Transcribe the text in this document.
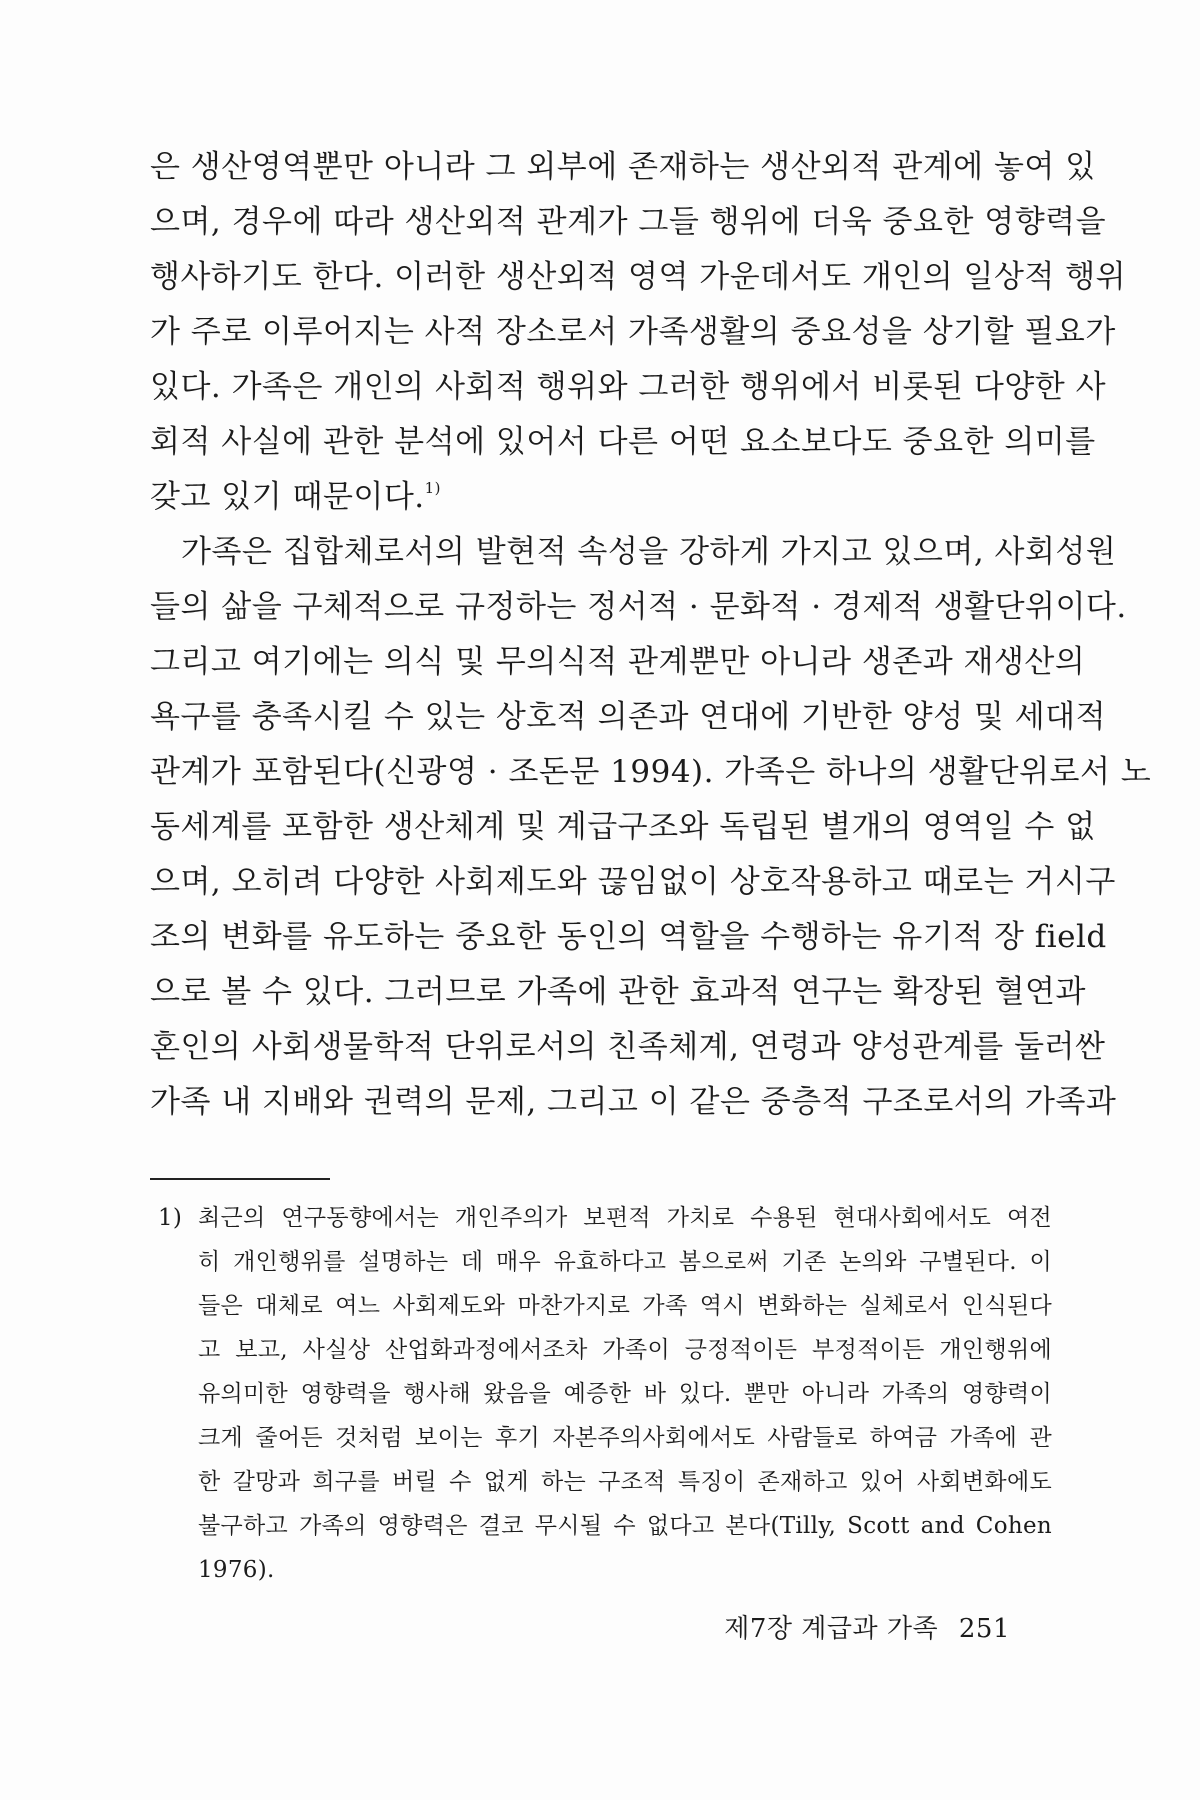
은 생산영역뿐만 아니라 그 외부에 존재하는 생산외적 관계에 놓여 있
으며, 경우에 따라 생산외적 관계가 그들 행위에 더욱 중요한 영향력을
행사하기도 한다. 이러한 생산외적 영역 가운데서도 개인의 일상적 행위
가 주로 이루어지는 사적 장소로서 가족생활의 중요성을 상기할 필요가
있다. 가족은 개인의 사회적 행위와 그러한 행위에서 비롯된 다양한 사
회적 사실에 관한 분석에 있어서 다른 어떤 요소보다도 중요한 의미를
갖고 있기 때문이다.$^{1)}$
가족은 집합체로서의 발현적 속성을 강하게 가지고 있으며, 사회성원
들의 삶을 구체적으로 규정하는 정서적 · 문화적 · 경제적 생활단위이다.
그리고 여기에는 의식 및 무의식적 관계뿐만 아니라 생존과 재생산의
욕구를 충족시킬 수 있는 상호적 의존과 연대에 기반한 양성 및 세대적
관계가 포함된다(신광영 · 조돈문 1994). 가족은 하나의 생활단위로서 노
동세계를 포함한 생산체계 및 계급구조와 독립된 별개의 영역일 수 없
으며, 오히려 다양한 사회제도와 끊임없이 상호작용하고 때로는 거시구
조의 변화를 유도하는 중요한 동인의 역할을 수행하는 유기적 장 field
으로 볼 수 있다. 그러므로 가족에 관한 효과적 연구는 확장된 혈연과
혼인의 사회생물학적 단위로서의 친족체계, 연령과 양성관계를 둘러싼
가족 내 지배와 권력의 문제, 그리고 이 같은 중층적 구조로서의 가족과
1) 최근의 연구동향에서는 개인주의가 보편적 가치로 수용된 현대사회에서도 여전
히 개인행위를 설명하는 데 매우 유효하다고 봄으로써 기존 논의와 구별된다. 이
들은 대체로 여느 사회제도와 마찬가지로 가족 역시 변화하는 실체로서 인식된다
고 보고, 사실상 산업화과정에서조차 가족이 긍정적이든 부정적이든 개인행위에
유의미한 영향력을 행사해 왔음을 예증한 바 있다. 뿐만 아니라 가족의 영향력이
크게 줄어든 것처럼 보이는 후기 자본주의사회에서도 사람들로 하여금 가족에 관
한 갈망과 희구를 버릴 수 없게 하는 구조적 특징이 존재하고 있어 사회변화에도
불구하고 가족의 영향력은 결코 무시될 수 없다고 본다(Tilly, Scott and Cohen
1976).
제7장 계급과 가족 251
